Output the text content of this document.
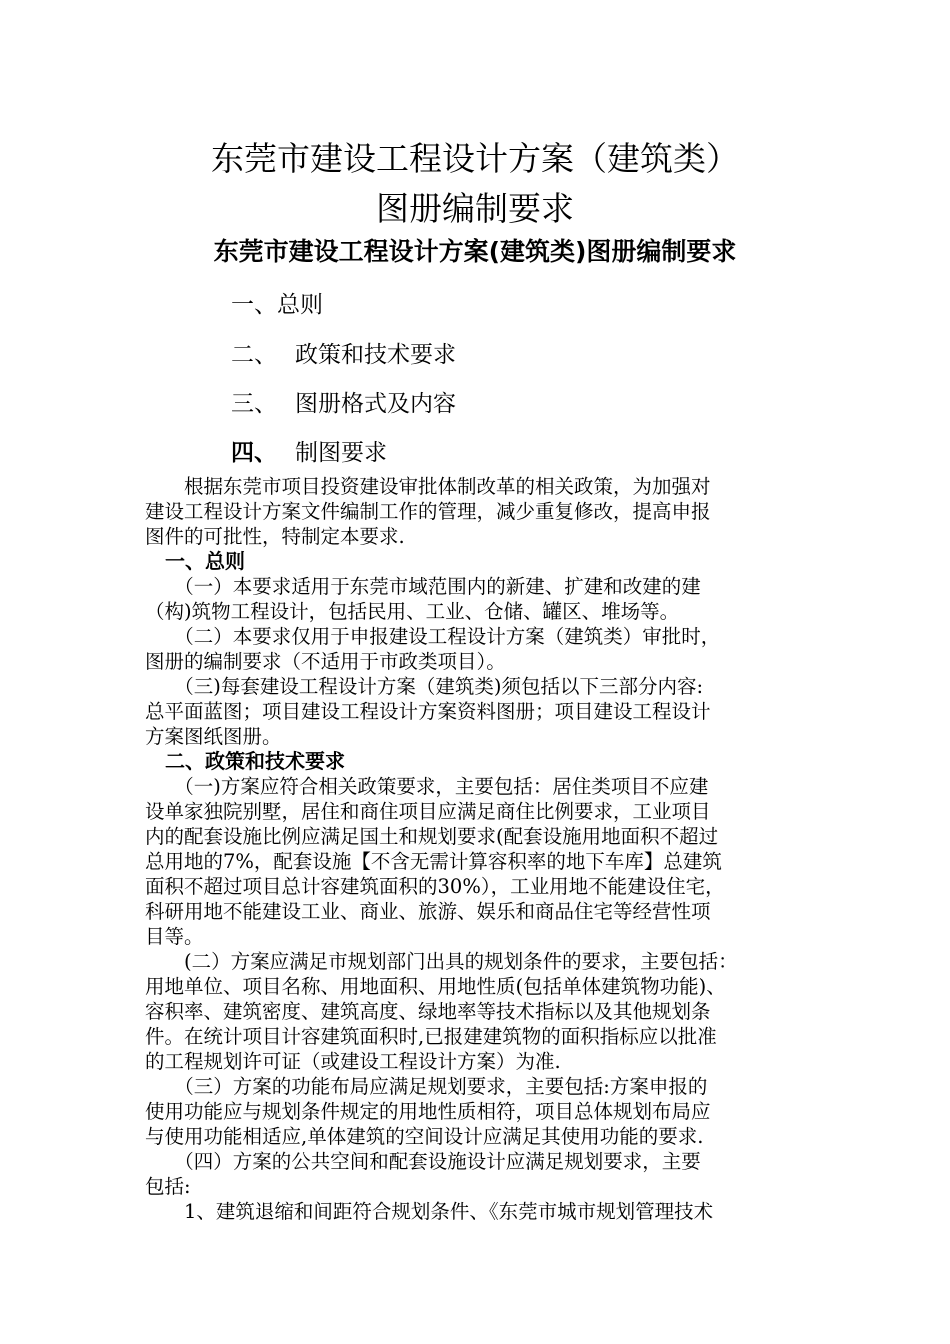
东莞市建设工程设计方案（建筑类）
图册编制要求
东莞市建设工程设计方案(建筑类)图册编制要求
一、总则
二、 政策和技术要求
三、 图册格式及内容
四、 制图要求
　　根据东莞市项目投资建设审批体制改革的相关政策，为加强对
建设工程设计方案文件编制工作的管理，减少重复修改，提高申报
图件的可批性，特制定本要求.
　一、总则
　　（一）本要求适用于东莞市域范围内的新建、扩建和改建的建
（构)筑物工程设计，包括民用、工业、仓储、罐区、堆场等。
　　（二）本要求仅用于申报建设工程设计方案（建筑类）审批时，
图册的编制要求（不适用于市政类项目）。
　　（三)每套建设工程设计方案（建筑类)须包括以下三部分内容:
总平面蓝图；项目建设工程设计方案资料图册；项目建设工程设计
方案图纸图册。
　二、政策和技术要求
　　（一)方案应符合相关政策要求，主要包括：居住类项目不应建
设单家独院别墅，居住和商住项目应满足商住比例要求，工业项目
内的配套设施比例应满足国土和规划要求(配套设施用地面积不超过
总用地的7%，配套设施【不含无需计算容积率的地下车库】总建筑
面积不超过项目总计容建筑面积的30%），工业用地不能建设住宅，
科研用地不能建设工业、商业、旅游、娱乐和商品住宅等经营性项
目等。
　　(二）方案应满足市规划部门出具的规划条件的要求，主要包括：
用地单位、项目名称、用地面积、用地性质(包括单体建筑物功能)、
容积率、建筑密度、建筑高度、绿地率等技术指标以及其他规划条
件。在统计项目计容建筑面积时,已报建建筑物的面积指标应以批准
的工程规划许可证（或建设工程设计方案）为准.
　　（三）方案的功能布局应满足规划要求，主要包括:方案申报的
使用功能应与规划条件规定的用地性质相符，项目总体规划布局应
与使用功能相适应,单体建筑的空间设计应满足其使用功能的要求.
　　（四）方案的公共空间和配套设施设计应满足规划要求，主要
包括:
　　1、建筑退缩和间距符合规划条件、《东莞市城市规划管理技术
